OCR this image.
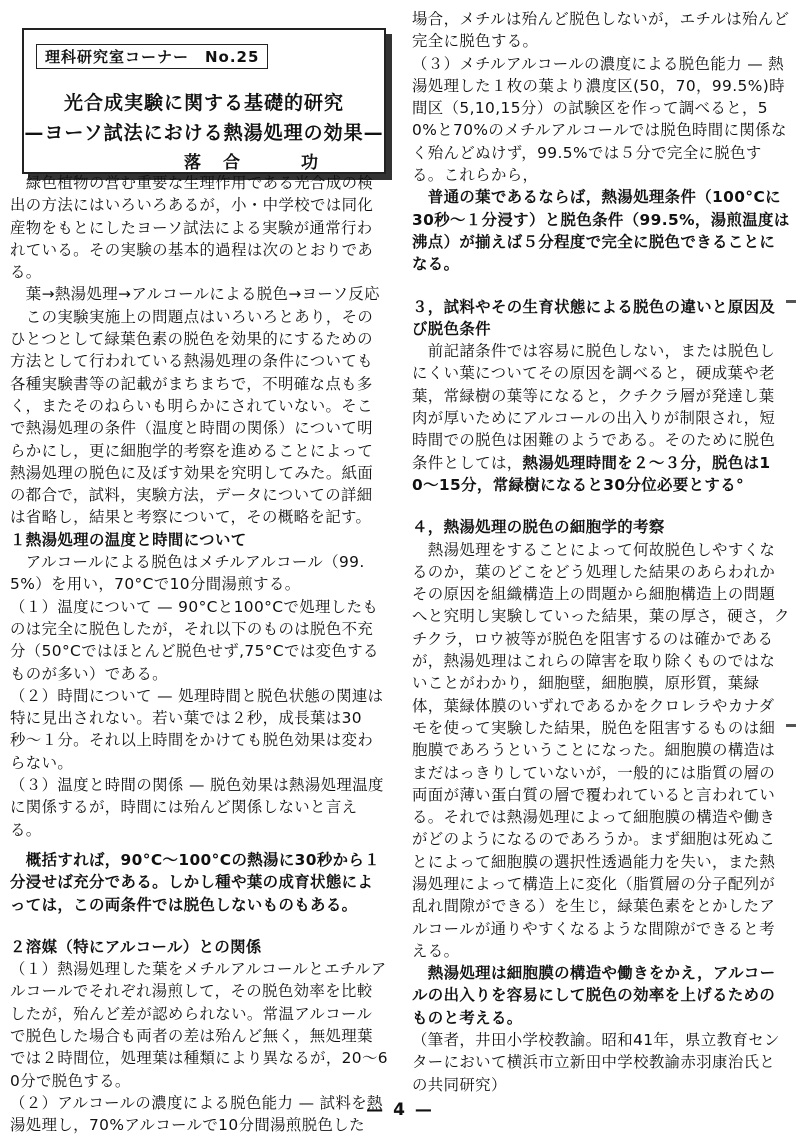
理科研究室コーナー　No.25
光合成実験に関する基礎的研究
—ヨーソ試法における熱湯処理の効果—
落合　功

　緑色植物の営む重要な生理作用である光合成の検出の方法にはいろいろあるが，小・中学校では同化産物をもとにしたヨーソ試法による実験が通常行われている。その実験の基本的過程は次のとおりである。

　葉→熱湯処理→アルコールによる脱色→ヨーソ反応

　この実験実施上の問題点はいろいろとあり，そのひとつとして緑葉色素の脱色を効果的にするための方法として行われている熱湯処理の条件についても各種実験書等の記載がまちまちで，不明確な点も多く，またそのねらいも明らかにされていない。そこで熱湯処理の条件（温度と時間の関係）について明らかにし，更に細胞学的考察を進めることによって熱湯処理の脱色に及ぼす効果を究明してみた。紙面の都合で，試料，実験方法，データについての詳細は省略し，結果と考察について，その概略を記す。

１熱湯処理の温度と時間について

　アルコールによる脱色はメチルアルコール（99.5%）を用い，70°Cで10分間湯煎する。

（１）温度について — 90°Cと100°Cで処理したものは完全に脱色したが，それ以下のものは脱色不充分（50°Cではほとんど脱色せず,75°Cでは変色するものが多い）である。

（２）時間について — 処理時間と脱色状態の関連は特に見出されない。若い葉では２秒，成長葉は30秒〜１分。それ以上時間をかけても脱色効果は変わらない。

（３）温度と時間の関係 — 脱色効果は熱湯処理温度に関係するが，時間には殆んど関係しないと言える。

　概括すれば，90°C〜100°Cの熱湯に30秒から１分浸せば充分である。しかし種や葉の成育状態によっては，この両条件では脱色しないものもある。

２溶媒（特にアルコール）との関係

（１）熱湯処理した葉をメチルアルコールとエチルアルコールでそれぞれ湯煎して，その脱色効率を比較したが，殆んど差が認められない。常温アルコールで脱色した場合も両者の差は殆んど無く，無処理葉では２時間位，処理葉は種類により異なるが，20〜60分で脱色する。

（２）アルコールの濃度による脱色能力 — 試料を熱湯処理し，70%アルコールで10分間湯煎脱色した

場合，メチルは殆んど脱色しないが，エチルは殆んど完全に脱色する。

（３）メチルアルコールの濃度による脱色能力 — 熱湯処理した１枚の葉より濃度区(50，70，99.5%)時間区（5,10,15分）の試験区を作って調べると，50%と70%のメチルアルコールでは脱色時間に関係なく殆んどぬけず，99.5%では５分で完全に脱色する。これらから，

　普通の葉であるならば，熱湯処理条件（100°Cに30秒〜１分浸す）と脱色条件（99.5%，湯煎温度は沸点）が揃えば５分程度で完全に脱色できることになる。

３，試料やその生育状態による脱色の違いと原因及び脱色条件

　前記諸条件では容易に脱色しない，または脱色しにくい葉についてその原因を調べると，硬成葉や老葉，常緑樹の葉等になると，クチクラ層が発達し葉肉が厚いためにアルコールの出入りが制限され，短時間での脱色は困難のようである。そのために脱色条件としては，熱湯処理時間を２〜３分，脱色は10〜15分，常緑樹になると30分位必要とする°

４，熱湯処理の脱色の細胞学的考察

　熱湯処理をすることによって何故脱色しやすくなるのか，葉のどこをどう処理した結果のあらわれかその原因を組織構造上の問題から細胞構造上の問題へと究明し実験していった結果，葉の厚さ，硬さ，クチクラ，ロウ被等が脱色を阻害するのは確かであるが，熱湯処理はこれらの障害を取り除くものではないことがわかり，細胞壁，細胞膜，原形質，葉緑体，葉緑体膜のいずれであるかをクロレラやカナダモを使って実験した結果，脱色を阻害するものは細胞膜であろうということになった。細胞膜の構造はまだはっきりしていないが，一般的には脂質の層の両面が薄い蛋白質の層で覆われていると言われている。それでは熱湯処理によって細胞膜の構造や働きがどのようになるのであろうか。まず細胞は死ぬことによって細胞膜の選択性透過能力を失い，また熱湯処理によって構造上に変化（脂質層の分子配列が乱れ間隙ができる）を生じ，緑葉色素をとかしたアルコールが通りやすくなるような間隙ができると考える。

　熱湯処理は細胞膜の構造や働きをかえ，アルコールの出入りを容易にして脱色の効率を上げるためのものと考える。

（筆者，井田小学校教諭。昭和41年，県立教育センターにおいて横浜市立新田中学校教諭赤羽康治氏との共同研究）

— 4 —
